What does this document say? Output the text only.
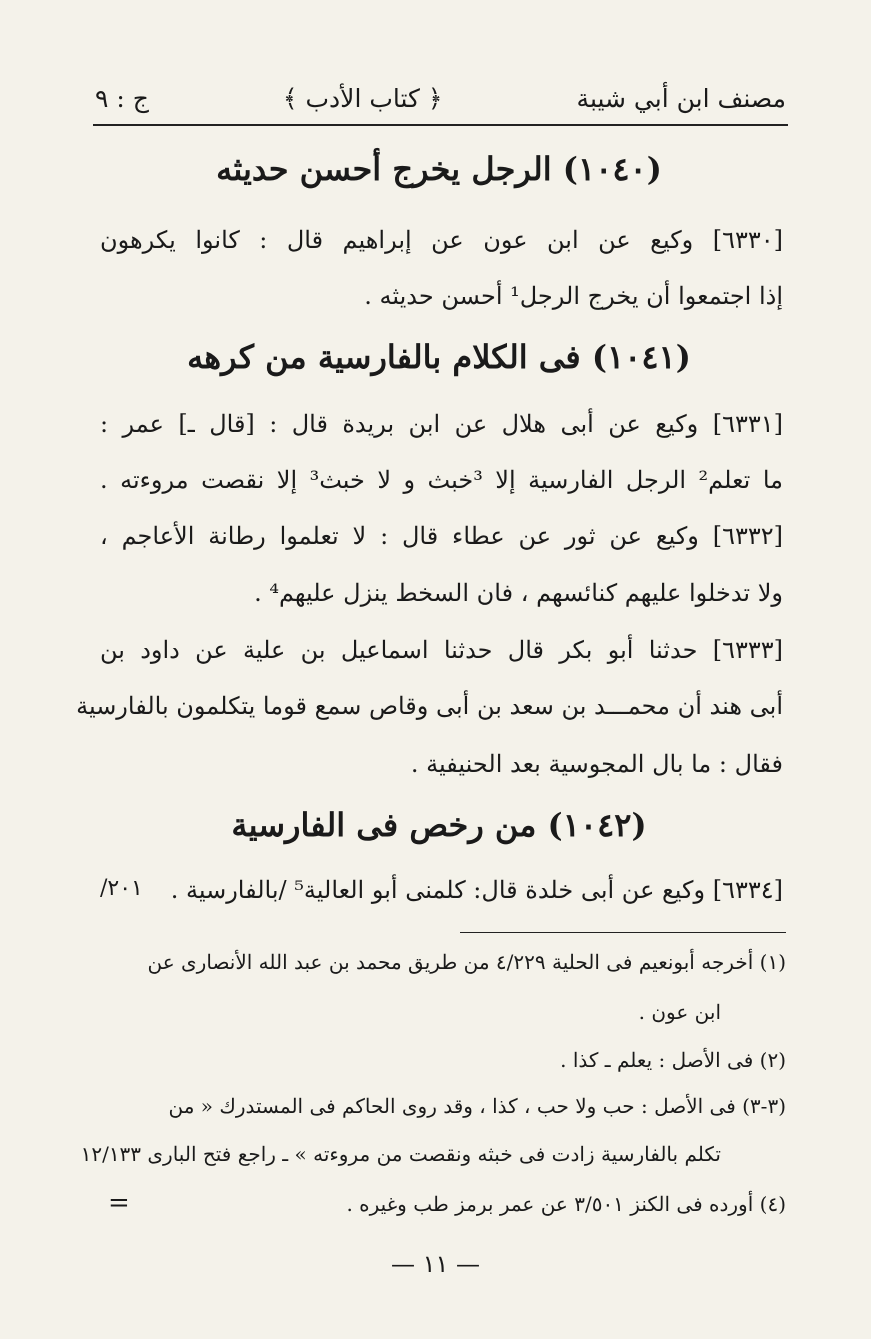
مصنف ابن أبي شيبة
﴿ كتاب الأدب ﴾
ج : ٩
(١٠٤٠) الرجل يخرج أحسن حديثه
[٦٣٣٠] وكيع عن ابن عون عن إبراهيم قال : كانوا يكرهون
إذا اجتمعوا أن يخرج الرجل¹ أحسن حديثه .
(١٠٤١) فى الكلام بالفارسية من كرهه
[٦٣٣١] وكيع عن أبى هلال عن ابن بريدة قال : [قال ـ] عمر :
ما تعلم² الرجل الفارسية إلا ³خبث و لا خبث³ إلا نقصت مروءته .
[٦٣٣٢] وكيع عن ثور عن عطاء قال : لا تعلموا رطانة الأعاجم ،
ولا تدخلوا عليهم كنائسهم ، فان السخط ينزل عليهم⁴ .
[٦٣٣٣] حدثنا أبو بكر قال حدثنا اسماعيل بن علية عن داود بن
أبى هند أن محمـــد بن سعد بن أبى وقاص سمع قوما يتكلمون بالفارسية
فقال : ما بال المجوسية بعد الحنيفية .
(١٠٤٢) من رخص فى الفارسية
[٦٣٣٤] وكيع عن أبى خلدة قال: كلمنى أبو العالية⁵ /بالفارسية .
٢٠١/
(١) أخرجه أبونعيم فى الحلية ٤/٢٢٩ من طريق محمد بن عبد الله الأنصارى عن
ابن عون .
(٢) فى الأصل : يعلم ـ كذا .
(٣-٣) فى الأصل : حب ولا حب ، كذا ، وقد روى الحاكم فى المستدرك « من
تكلم بالفارسية زادت فى خبثه ونقصت من مروءته » ـ راجع فتح البارى ١٢/١٣٣
(٤) أورده فى الكنز ٣/٥٠١ عن عمر برمز طب وغيره .
=
— ١١ —
